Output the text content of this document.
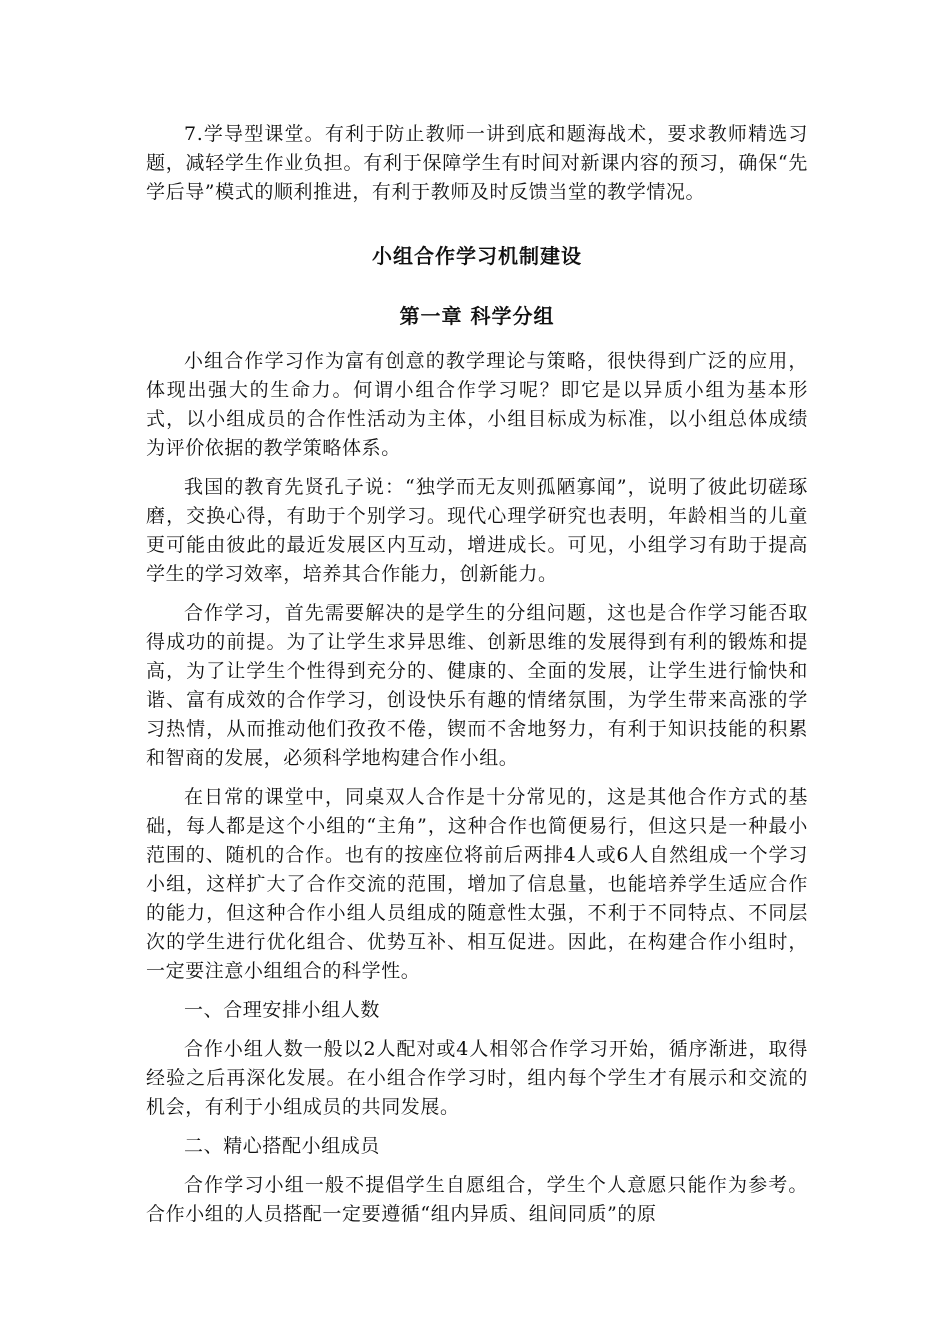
7.学导型课堂。有利于防止教师一讲到底和题海战术，要求教师精选习题，减轻学生作业负担。有利于保障学生有时间对新课内容的预习，确保“先学后导”模式的顺利推进，有利于教师及时反馈当堂的教学情况。

小组合作学习机制建设
第一章 科学分组

小组合作学习作为富有创意的教学理论与策略，很快得到广泛的应用，体现出强大的生命力。何谓小组合作学习呢？即它是以异质小组为基本形式，以小组成员的合作性活动为主体，小组目标成为标准，以小组总体成绩为评价依据的教学策略体系。

我国的教育先贤孔子说：“独学而无友则孤陋寡闻”，说明了彼此切磋琢磨，交换心得，有助于个别学习。现代心理学研究也表明，年龄相当的儿童更可能由彼此的最近发展区内互动，增进成长。可见，小组学习有助于提高学生的学习效率，培养其合作能力，创新能力。

合作学习，首先需要解决的是学生的分组问题，这也是合作学习能否取得成功的前提。为了让学生求异思维、创新思维的发展得到有利的锻炼和提高，为了让学生个性得到充分的、健康的、全面的发展，让学生进行愉快和谐、富有成效的合作学习，创设快乐有趣的情绪氛围，为学生带来高涨的学习热情，从而推动他们孜孜不倦，锲而不舍地努力，有利于知识技能的积累和智商的发展，必须科学地构建合作小组。

在日常的课堂中，同桌双人合作是十分常见的，这是其他合作方式的基础，每人都是这个小组的“主角”，这种合作也简便易行，但这只是一种最小范围的、随机的合作。也有的按座位将前后两排4人或6人自然组成一个学习小组，这样扩大了合作交流的范围，增加了信息量，也能培养学生适应合作的能力，但这种合作小组人员组成的随意性太强，不利于不同特点、不同层次的学生进行优化组合、优势互补、相互促进。因此，在构建合作小组时，一定要注意小组组合的科学性。

一、合理安排小组人数

合作小组人数一般以2人配对或4人相邻合作学习开始，循序渐进，取得经验之后再深化发展。在小组合作学习时，组内每个学生才有展示和交流的机会，有利于小组成员的共同发展。

二、精心搭配小组成员

合作学习小组一般不提倡学生自愿组合，学生个人意愿只能作为参考。合作小组的人员搭配一定要遵循“组内异质、组间同质”的原
